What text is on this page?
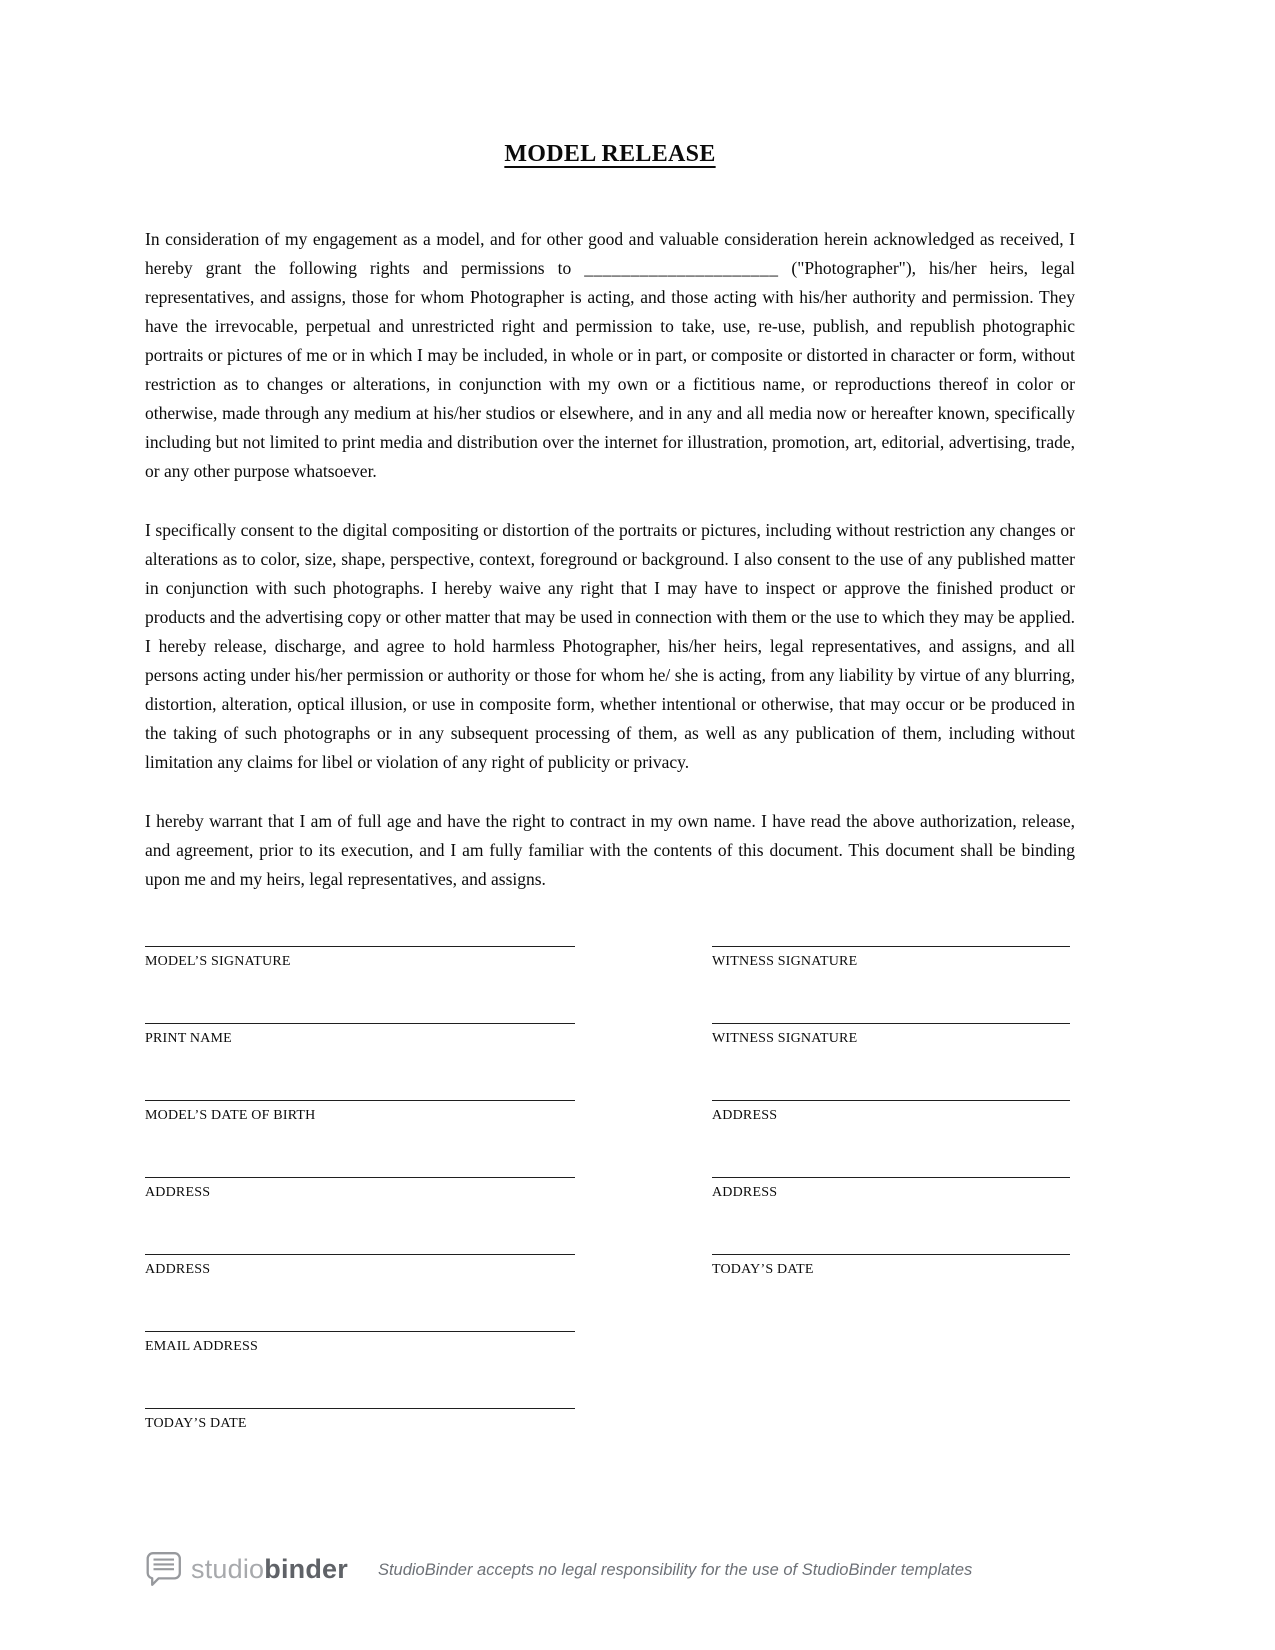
MODEL RELEASE

In consideration of my engagement as a model, and for other good and valuable consideration herein acknowledged as received, I hereby grant the following rights and permissions to _____________________ ("Photographer"), his/her heirs, legal representatives, and assigns, those for whom Photographer is acting, and those acting with his/her authority and permission. They have the irrevocable, perpetual and unrestricted right and permission to take, use, re-use, publish, and republish photographic portraits or pictures of me or in which I may be included, in whole or in part, or composite or distorted in character or form, without restriction as to changes or alterations, in conjunction with my own or a fictitious name, or reproductions thereof in color or otherwise, made through any medium at his/her studios or elsewhere, and in any and all media now or hereafter known, specifically including but not limited to print media and distribution over the internet for illustration, promotion, art, editorial, advertising, trade, or any other purpose whatsoever.

I specifically consent to the digital compositing or distortion of the portraits or pictures, including without restriction any changes or alterations as to color, size, shape, perspective, context, foreground or background. I also consent to the use of any published matter in conjunction with such photographs. I hereby waive any right that I may have to inspect or approve the finished product or products and the advertising copy or other matter that may be used in connection with them or the use to which they may be applied. I hereby release, discharge, and agree to hold harmless Photographer, his/her heirs, legal representatives, and assigns, and all persons acting under his/her permission or authority or those for whom he/ she is acting, from any liability by virtue of any blurring, distortion, alteration, optical illusion, or use in composite form, whether intentional or otherwise, that may occur or be produced in the taking of such photographs or in any subsequent processing of them, as well as any publication of them, including without limitation any claims for libel or violation of any right of publicity or privacy.

I hereby warrant that I am of full age and have the right to contract in my own name. I have read the above authorization, release, and agreement, prior to its execution, and I am fully familiar with the contents of this document. This document shall be binding upon me and my heirs, legal representatives, and assigns.

MODEL’S SIGNATURE
PRINT NAME
MODEL’S DATE OF BIRTH
ADDRESS
ADDRESS
EMAIL ADDRESS
TODAY’S DATE
WITNESS SIGNATURE
WITNESS SIGNATURE
ADDRESS
ADDRESS
TODAY’S DATE
studiobinder StudioBinder accepts no legal responsibility for the use of StudioBinder templates
